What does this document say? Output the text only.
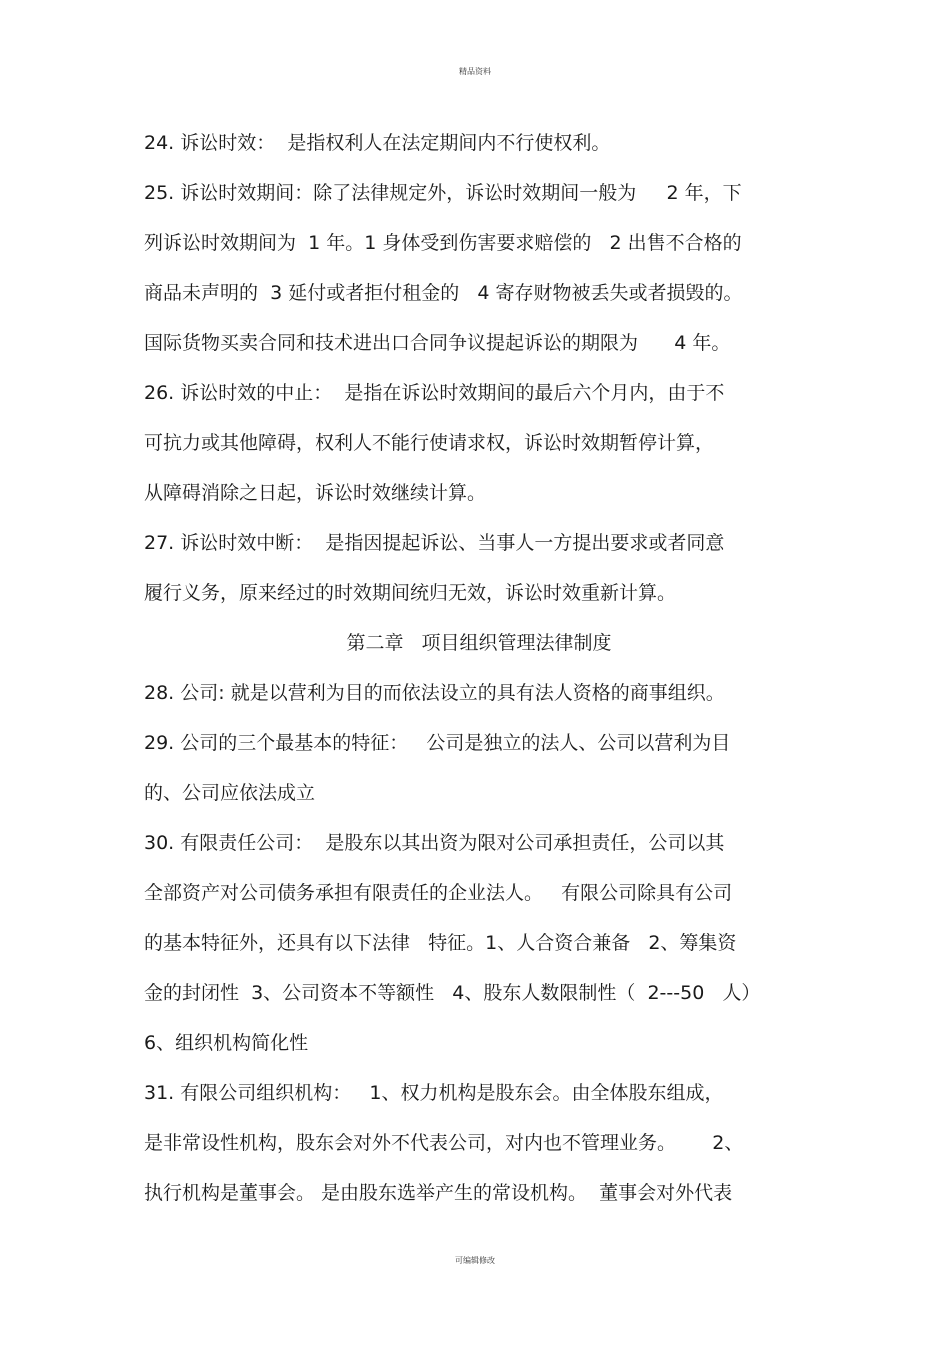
精品资料
24. 诉讼时效：  是指权利人在法定期间内不行使权利。
25. 诉讼时效期间：除了法律规定外，诉讼时效期间一般为     2 年，下
列诉讼时效期间为  1 年。1 身体受到伤害要求赔偿的   2 出售不合格的
商品未声明的  3 延付或者拒付租金的   4 寄存财物被丢失或者损毁的。
国际货物买卖合同和技术进出口合同争议提起诉讼的期限为      4 年。
26. 诉讼时效的中止：  是指在诉讼时效期间的最后六个月内，由于不
可抗力或其他障碍，权利人不能行使请求权，诉讼时效期暂停计算，
从障碍消除之日起，诉讼时效继续计算。
27. 诉讼时效中断：  是指因提起诉讼、当事人一方提出要求或者同意
履行义务，原来经过的时效期间统归无效，诉讼时效重新计算。
第二章   项目组织管理法律制度
28. 公司: 就是以营利为目的而依法设立的具有法人资格的商事组织。
29. 公司的三个最基本的特征：   公司是独立的法人、公司以营利为目
的、公司应依法成立
30. 有限责任公司：  是股东以其出资为限对公司承担责任，公司以其
全部资产对公司债务承担有限责任的企业法人。   有限公司除具有公司
的基本特征外，还具有以下法律   特征。1、人合资合兼备   2、筹集资
金的封闭性  3、公司资本不等额性   4、股东人数限制性（  2---50   人）
6、组织机构简化性
31. 有限公司组织机构：   1、权力机构是股东会。由全体股东组成，
是非常设性机构，股东会对外不代表公司，对内也不管理业务。      2、
执行机构是董事会。 是由股东选举产生的常设机构。  董事会对外代表
可编辑修改
